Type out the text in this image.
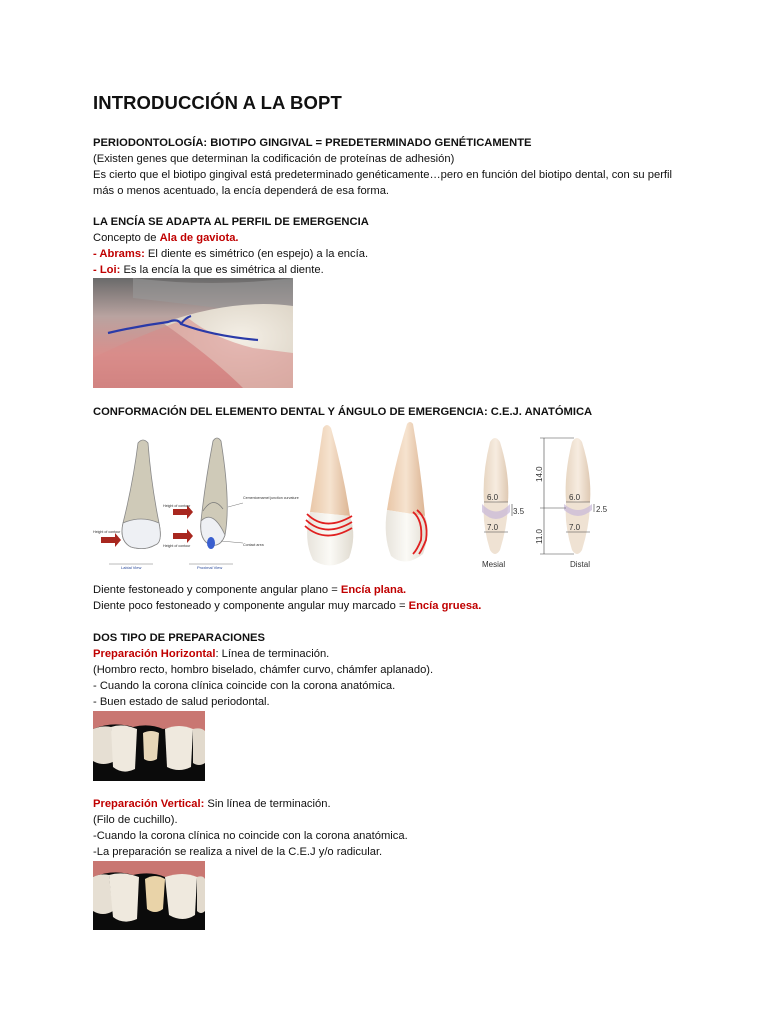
INTRODUCCIÓN A LA BOPT
PERIODONTOLOGÍA: BIOTIPO GINGIVAL = PREDETERMINADO GENÉTICAMENTE
(Existen genes que determinan la codificación de proteínas de adhesión)
Es cierto que el biotipo gingival está predeterminado genéticamente…pero en función del biotipo dental, con su perfil más o menos acentuado, la encía dependerá de esa forma.
LA ENCÍA SE ADAPTA AL PERFIL DE EMERGENCIA
Concepto de Ala de gaviota.
- Abrams: El diente es simétrico (en espejo) a la encía.
- Loi: Es la encía la que es simétrica al diente.
CONFORMACIÓN DEL ELEMENTO DENTAL Y ÁNGULO DE EMERGENCIA: C.E.J. ANATÓMICA
Cementoenamel junction curvature
Height of contour
Height of contour
Height of contour	Contact area
Labial View	Proximal View
6.0
3.5
7.0
6.0
2.5
7.0
14.0
11.0
Mesial	Distal
Diente festoneado y componente angular plano = Encía plana.
Diente poco festoneado y componente angular muy marcado = Encía gruesa.
DOS TIPO DE PREPARACIONES
Preparación Horizontal: Línea de terminación.
(Hombro recto, hombro biselado, chámfer curvo, chámfer aplanado).
- Cuando la corona clínica coincide con la corona anatómica.
- Buen estado de salud periodontal.
Preparación Vertical: Sin línea de terminación.
(Filo de cuchillo).
-Cuando la corona clínica no coincide con la corona anatómica.
-La preparación se realiza a nivel de la C.E.J y/o radicular.
